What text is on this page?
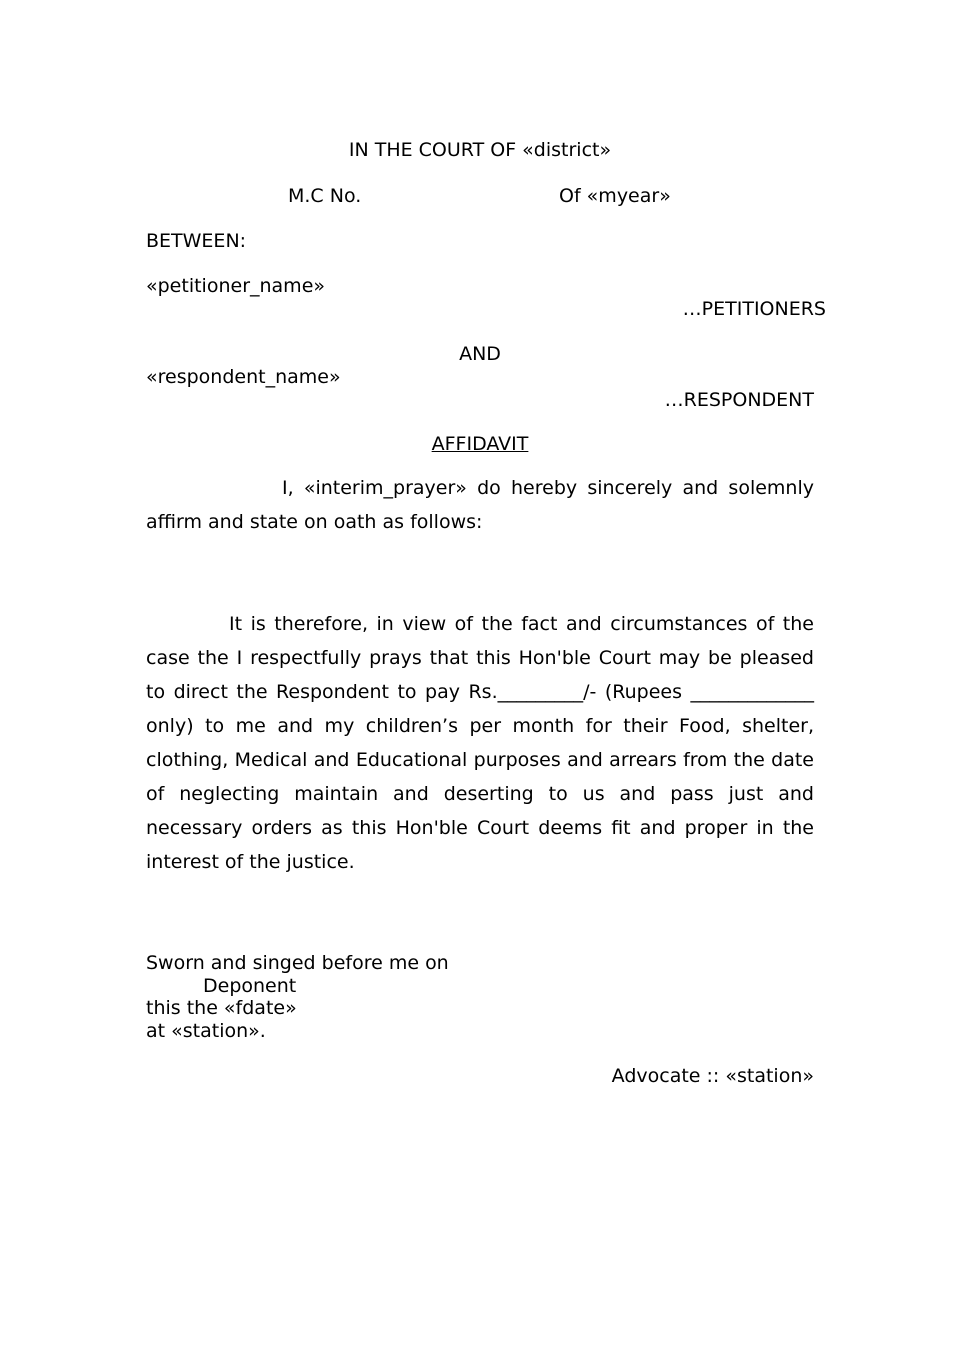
IN THE COURT OF «district»
M.C No.	Of «myear»
BETWEEN:
«petitioner_name»
…PETITIONERS
AND
«respondent_name»
…RESPONDENT
AFFIDAVIT
I, «interim_prayer» do hereby sincerely and solemnly affirm and state on oath as follows:
It is therefore, in view of the fact and circumstances of the case the I respectfully prays that this Hon'ble Court may be pleased to direct the Respondent to pay Rs._________/- (Rupees _____________ only) to me and my children’s per month for their Food, shelter, clothing, Medical and Educational purposes and arrears from the date of neglecting maintain and deserting to us and pass just and necessary orders as this Hon'ble Court deems fit and proper in the interest of the justice.
Sworn and singed before me on
Deponent
this the «fdate»
at «station».
Advocate :: «station»
